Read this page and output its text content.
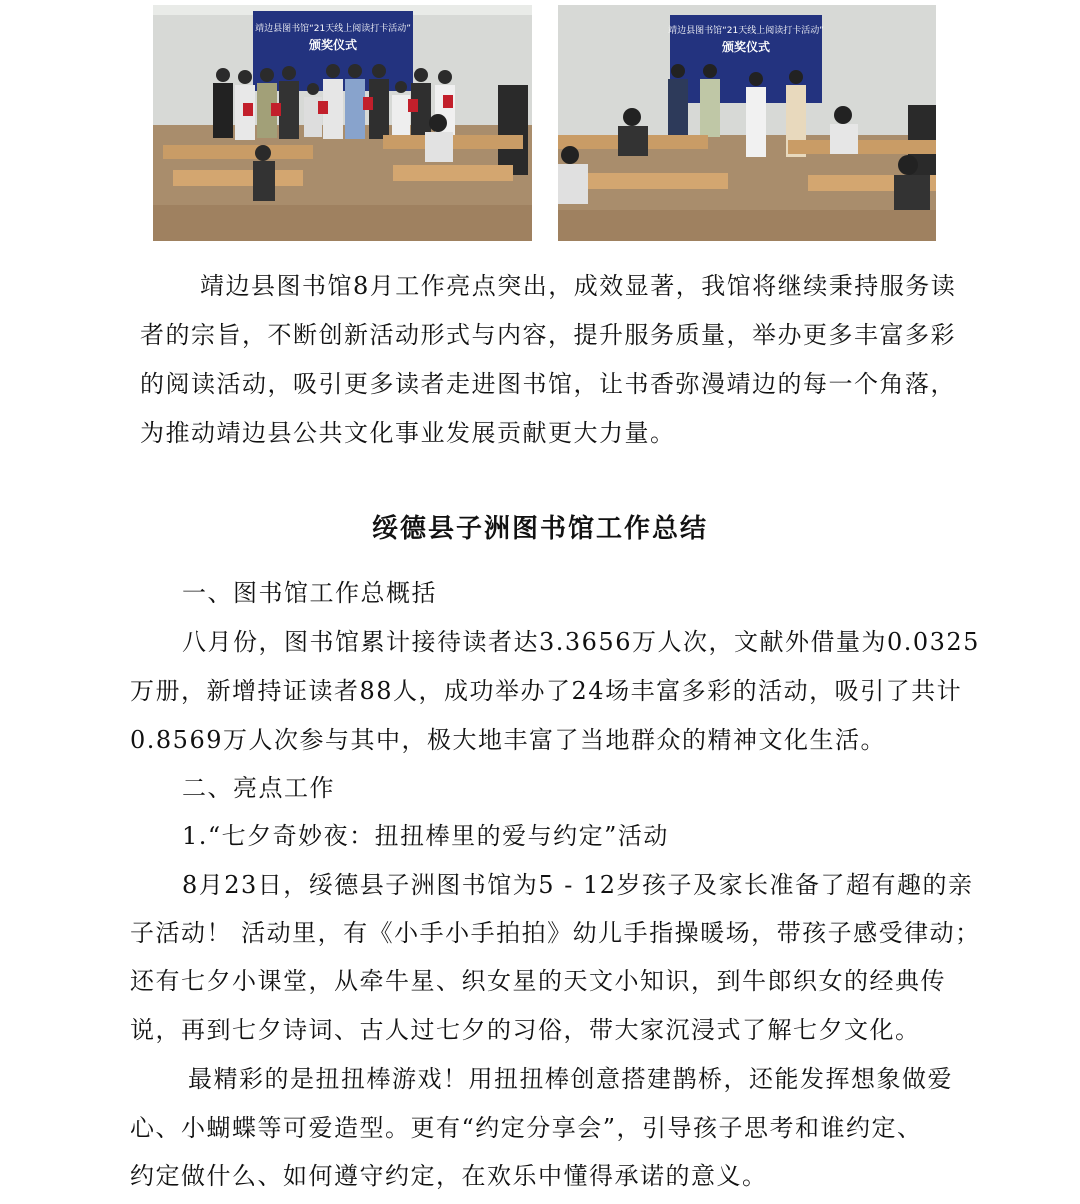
靖边县图书馆“21天线上阅读打卡活动”
颁奖仪式
靖边县图书馆“21天线上阅读打卡活动”
颁奖仪式
靖边县图书馆8月工作亮点突出，成效显著，我馆将继续秉持服务读
者的宗旨，不断创新活动形式与内容，提升服务质量，举办更多丰富多彩
的阅读活动，吸引更多读者走进图书馆，让书香弥漫靖边的每一个角落，
为推动靖边县公共文化事业发展贡献更大力量。
绥德县子洲图书馆工作总结
一、图书馆工作总概括
八月份，图书馆累计接待读者达3.3656万人次，文献外借量为0.0325
万册，新增持证读者88人，成功举办了24场丰富多彩的活动，吸引了共计
0.8569万人次参与其中，极大地丰富了当地群众的精神文化生活。
二、亮点工作
1.“七夕奇妙夜：扭扭棒里的爱与约定”活动
8月23日，绥德县子洲图书馆为5 - 12岁孩子及家长准备了超有趣的亲
子活动！ 活动里，有《小手小手拍拍》幼儿手指操暖场，带孩子感受律动；
还有七夕小课堂，从牵牛星、织女星的天文小知识，到牛郎织女的经典传
说，再到七夕诗词、古人过七夕的习俗，带大家沉浸式了解七夕文化。
最精彩的是扭扭棒游戏！用扭扭棒创意搭建鹊桥，还能发挥想象做爱
心、小蝴蝶等可爱造型。更有“约定分享会”，引导孩子思考和谁约定、
约定做什么、如何遵守约定，在欢乐中懂得承诺的意义。
